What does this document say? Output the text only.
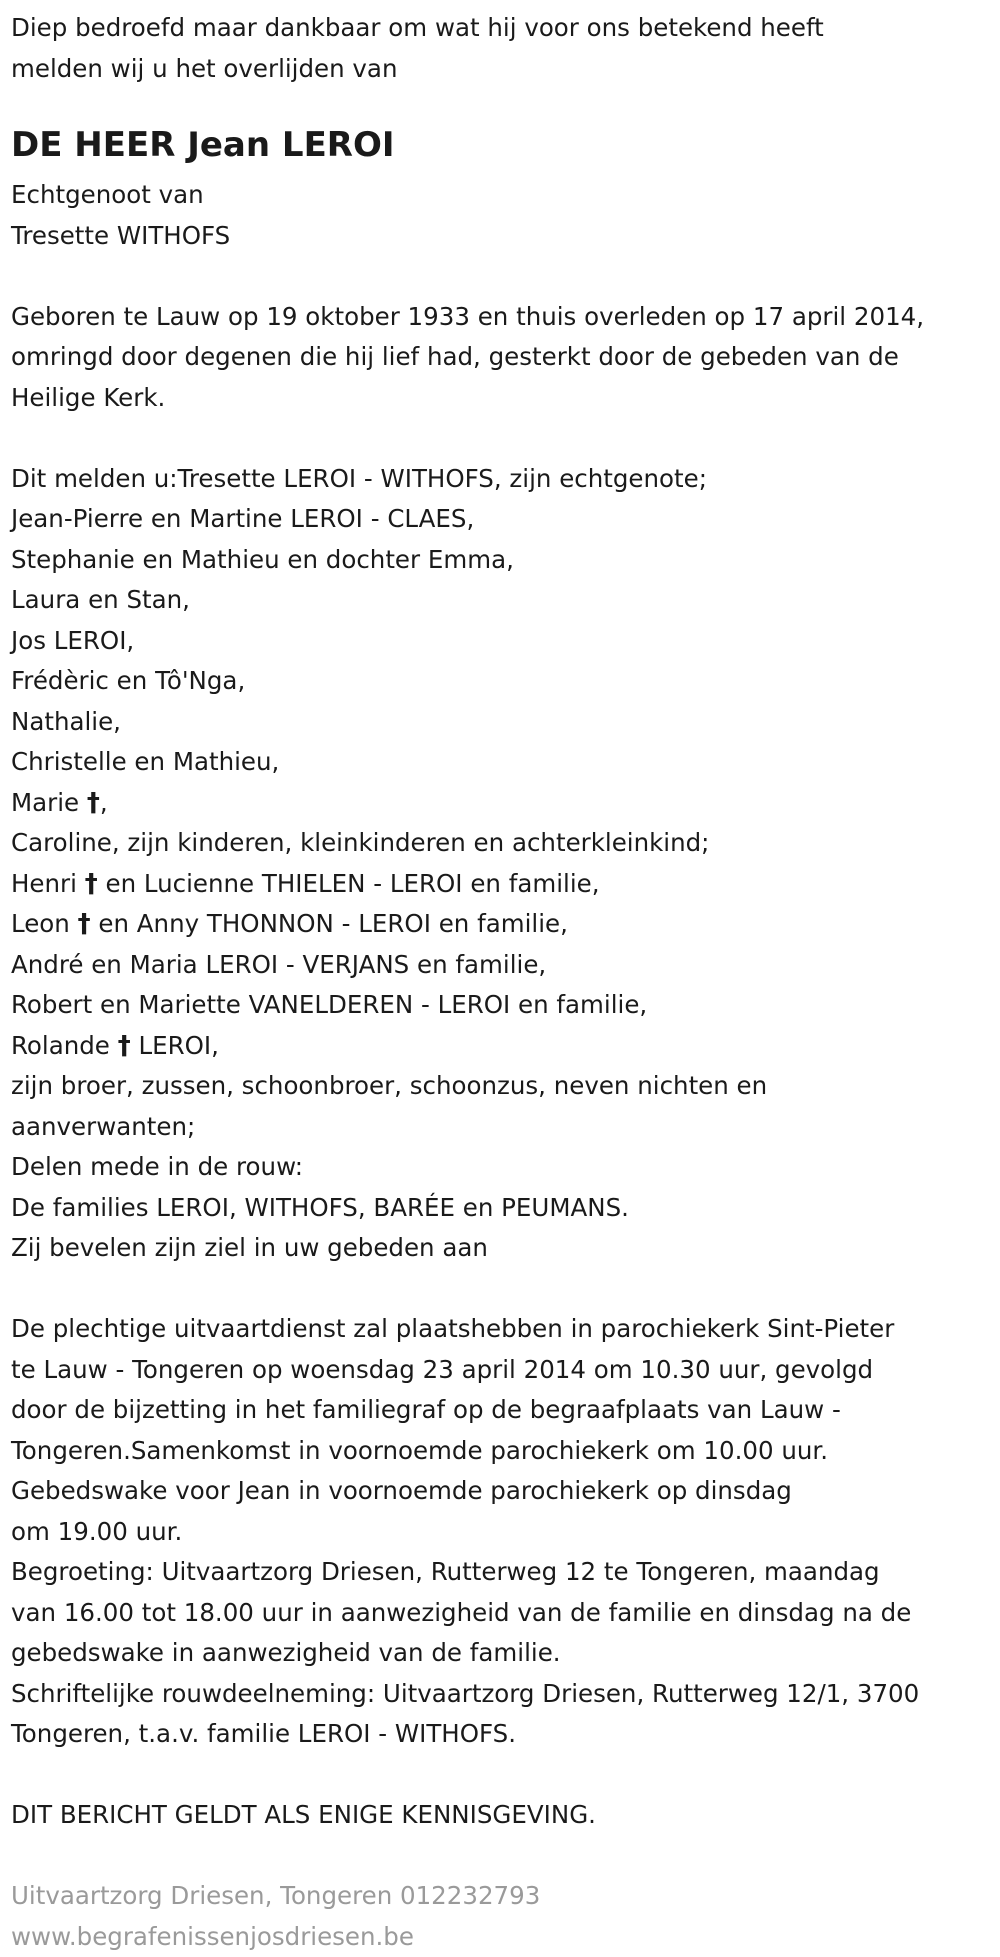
Diep bedroefd maar dankbaar om wat hij voor ons betekend heeft
melden wij u het overlijden van
DE HEER Jean LEROI
Echtgenoot van
Tresette WITHOFS
Geboren te Lauw op 19 oktober 1933 en thuis overleden op 17 april 2014,
omringd door degenen die hij lief had, gesterkt door de gebeden van de
Heilige Kerk.
Dit melden u:Tresette LEROI - WITHOFS, zijn echtgenote;
Jean-Pierre en Martine LEROI - CLAES,
Stephanie en Mathieu en dochter Emma,
Laura en Stan,
Jos LEROI,
Frédèric en Tô'Nga,
Nathalie,
Christelle en Mathieu,
Marie †,
Caroline, zijn kinderen, kleinkinderen en achterkleinkind;
Henri † en Lucienne THIELEN - LEROI en familie,
Leon † en Anny THONNON - LEROI en familie,
André en Maria LEROI - VERJANS en familie,
Robert en Mariette VANELDEREN - LEROI en familie,
Rolande † LEROI,
zijn broer, zussen, schoonbroer, schoonzus, neven nichten en
aanverwanten;
Delen mede in de rouw:
De families LEROI, WITHOFS, BARÉE en PEUMANS.
Zij bevelen zijn ziel in uw gebeden aan
De plechtige uitvaartdienst zal plaatshebben in parochiekerk Sint-Pieter
te Lauw - Tongeren op woensdag 23 april 2014 om 10.30 uur, gevolgd
door de bijzetting in het familiegraf op de begraafplaats van Lauw -
Tongeren.Samenkomst in voornoemde parochiekerk om 10.00 uur.
Gebedswake voor Jean in voornoemde parochiekerk op dinsdag
om 19.00 uur.
Begroeting: Uitvaartzorg Driesen, Rutterweg 12 te Tongeren, maandag
van 16.00 tot 18.00 uur in aanwezigheid van de familie en dinsdag na de
gebedswake in aanwezigheid van de familie.
Schriftelijke rouwdeelneming: Uitvaartzorg Driesen, Rutterweg 12/1, 3700
Tongeren, t.a.v. familie LEROI - WITHOFS.
DIT BERICHT GELDT ALS ENIGE KENNISGEVING.
Uitvaartzorg Driesen, Tongeren 012232793
www.begrafenissenjosdriesen.be
